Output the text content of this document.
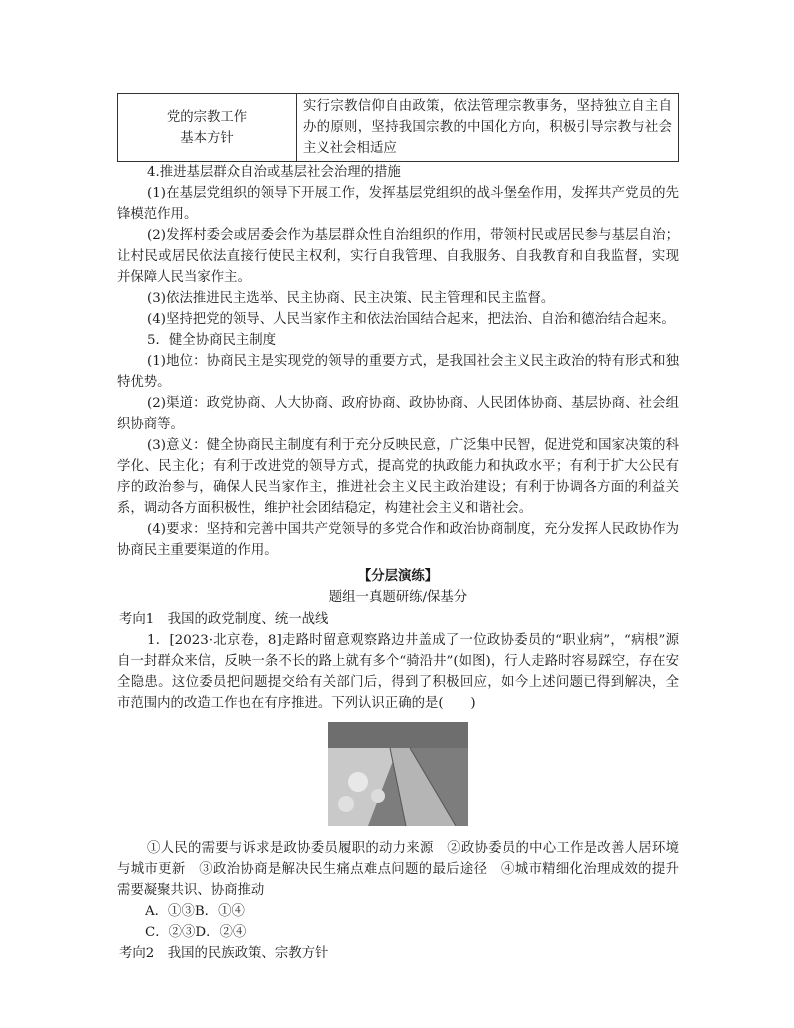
党的宗教工作
基本方针
	实行宗教信仰自由政策，依法管理宗教事务，坚持独立自主自办的原则，坚持我国宗教的中国化方向，积极引导宗教与社会主义社会相适应
4.推进基层群众自治或基层社会治理的措施
(1)在基层党组织的领导下开展工作，发挥基层党组织的战斗堡垒作用，发挥共产党员的先锋模范作用。
(2)发挥村委会或居委会作为基层群众性自治组织的作用，带领村民或居民参与基层自治；让村民或居民依法直接行使民主权利，实行自我管理、自我服务、自我教育和自我监督，实现并保障人民当家作主。
(3)依法推进民主选举、民主协商、民主决策、民主管理和民主监督。
(4)坚持把党的领导、人民当家作主和依法治国结合起来，把法治、自治和德治结合起来。
5．健全协商民主制度
(1)地位：协商民主是实现党的领导的重要方式，是我国社会主义民主政治的特有形式和独特优势。
(2)渠道：政党协商、人大协商、政府协商、政协协商、人民团体协商、基层协商、社会组织协商等。
(3)意义：健全协商民主制度有利于充分反映民意，广泛集中民智，促进党和国家决策的科学化、民主化；有利于改进党的领导方式，提高党的执政能力和执政水平；有利于扩大公民有序的政治参与，确保人民当家作主，推进社会主义民主政治建设；有利于协调各方面的利益关系，调动各方面积极性，维护社会团结稳定，构建社会主义和谐社会。
(4)要求：坚持和完善中国共产党领导的多党合作和政治协商制度，充分发挥人民政协作为协商民主重要渠道的作用。
【分层演练】
题组一真题研练/保基分
考向1　我国的政党制度、统一战线
1．[2023·北京卷，8]走路时留意观察路边井盖成了一位政协委员的“职业病”，“病根”源自一封群众来信，反映一条不长的路上就有多个“骑沿井”(如图)，行人走路时容易踩空，存在安全隐患。这位委员把问题提交给有关部门后，得到了积极回应，如今上述问题已得到解决，全市范围内的改造工作也在有序推进。下列认识正确的是(　　)
①人民的需要与诉求是政协委员履职的动力来源　②政协委员的中心工作是改善人居环境与城市更新　③政治协商是解决民生痛点难点问题的最后途径　④城市精细化治理成效的提升需要凝聚共识、协商推动
A．①③B．①④
C．②③D．②④
考向2　我国的民族政策、宗教方针
